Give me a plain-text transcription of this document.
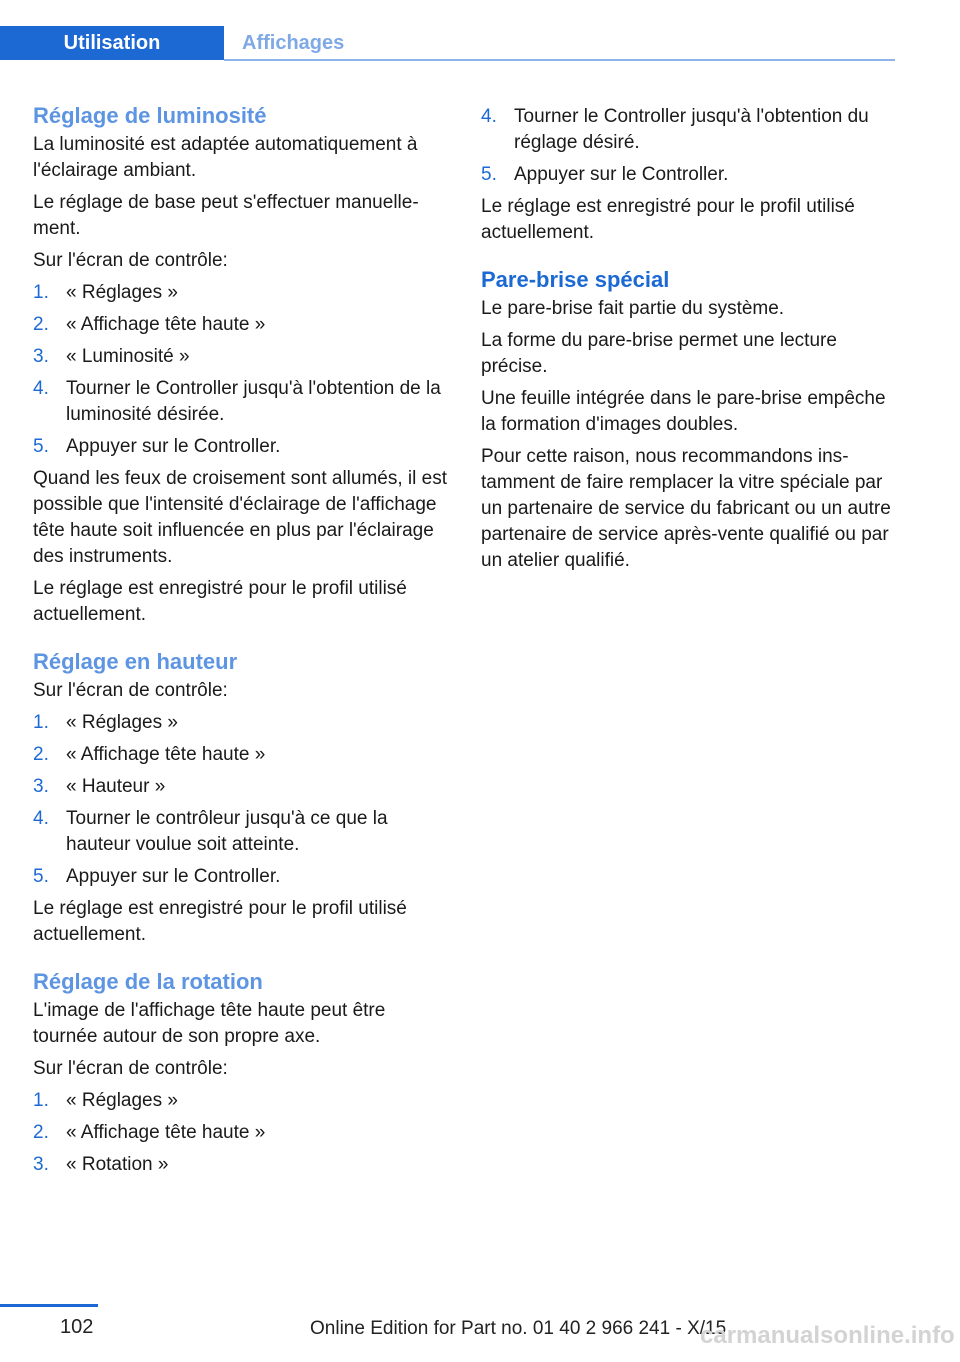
Utilisation	Affichages
Réglage de luminosité

La luminosité est adaptée automatiquement à l'éclairage ambiant.

Le réglage de base peut s'effectuer manuellement.

Sur l'écran de contrôle:

1. « Réglages »
2. « Affichage tête haute »
3. « Luminosité »
4. Tourner le Controller jusqu'à l'obtention de la luminosité désirée.
5. Appuyer sur le Controller.

Quand les feux de croisement sont allumés, il est possible que l'intensité d'éclairage de l'affichage tête haute soit influencée en plus par l'éclairage des instruments.

Le réglage est enregistré pour le profil utilisé actuellement.

Réglage en hauteur

Sur l'écran de contrôle:

1. « Réglages »
2. « Affichage tête haute »
3. « Hauteur »
4. Tourner le contrôleur jusqu'à ce que la hauteur voulue soit atteinte.
5. Appuyer sur le Controller.

Le réglage est enregistré pour le profil utilisé actuellement.

Réglage de la rotation

L'image de l'affichage tête haute peut être tournée autour de son propre axe.

Sur l'écran de contrôle:

1. « Réglages »
2. « Affichage tête haute »
3. « Rotation »
4. Tourner le Controller jusqu'à l'obtention du réglage désiré.
5. Appuyer sur le Controller.

Le réglage est enregistré pour le profil utilisé actuellement.

Pare-brise spécial

Le pare-brise fait partie du système.

La forme du pare-brise permet une lecture précise.

Une feuille intégrée dans le pare-brise empêche la formation d'images doubles.

Pour cette raison, nous recommandons instamment de faire remplacer la vitre spéciale par un partenaire de service du fabricant ou un autre partenaire de service après-vente qualifié ou par un atelier qualifié.

102	Online Edition for Part no. 01 40 2 966 241 - X/15
carmanualsonline.info
